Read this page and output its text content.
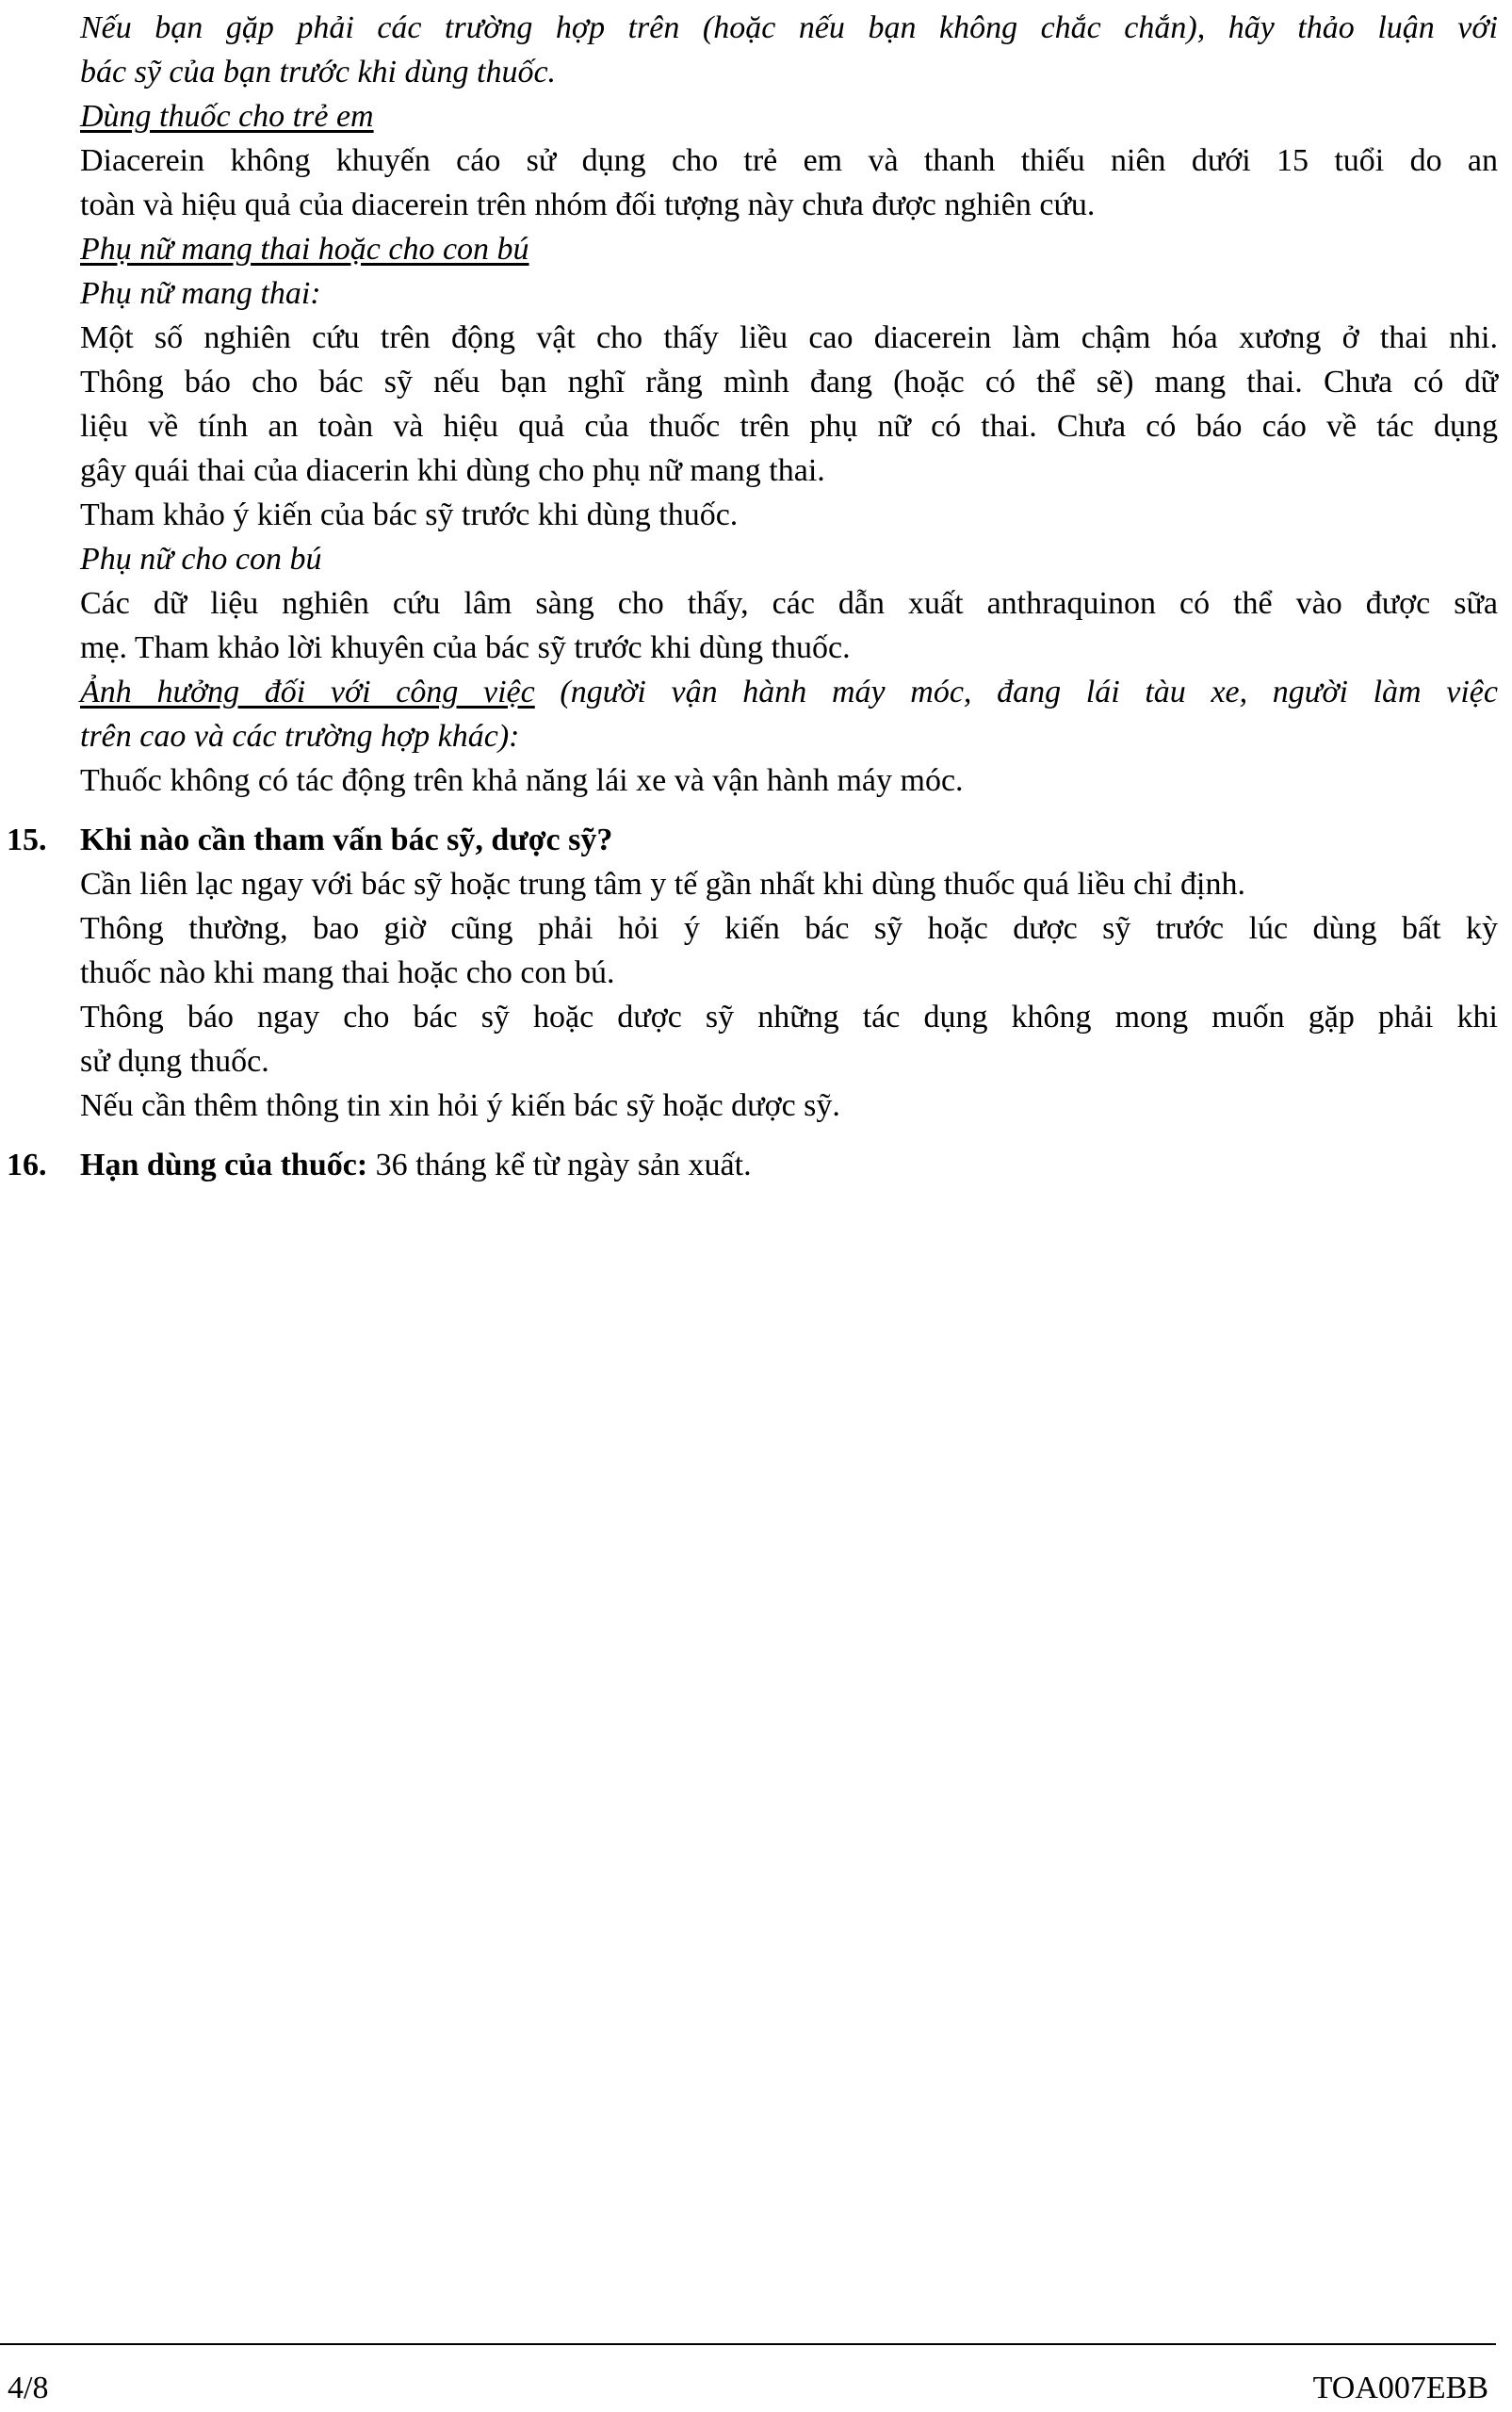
Nếu bạn gặp phải các trường hợp trên (hoặc nếu bạn không chắc chắn), hãy thảo luận với
bác sỹ của bạn trước khi dùng thuốc.
Dùng thuốc cho trẻ em
Diacerein không khuyến cáo sử dụng cho trẻ em và thanh thiếu niên dưới 15 tuổi do an
toàn và hiệu quả của diacerein trên nhóm đối tượng này chưa được nghiên cứu.
Phụ nữ mang thai hoặc cho con bú
Phụ nữ mang thai:
Một số nghiên cứu trên động vật cho thấy liều cao diacerein làm chậm hóa xương ở thai nhi.
Thông báo cho bác sỹ nếu bạn nghĩ rằng mình đang (hoặc có thể sẽ) mang thai. Chưa có dữ
liệu về tính an toàn và hiệu quả của thuốc trên phụ nữ có thai. Chưa có báo cáo về tác dụng
gây quái thai của diacerin khi dùng cho phụ nữ mang thai.
Tham khảo ý kiến của bác sỹ trước khi dùng thuốc.
Phụ nữ cho con bú
Các dữ liệu nghiên cứu lâm sàng cho thấy, các dẫn xuất anthraquinon có thể vào được sữa
mẹ. Tham khảo lời khuyên của bác sỹ trước khi dùng thuốc.
Ảnh hưởng đối với công việc (người vận hành máy móc, đang lái tàu xe, người làm việc
trên cao và các trường hợp khác):
Thuốc không có tác động trên khả năng lái xe và vận hành máy móc.
15. Khi nào cần tham vấn bác sỹ, dược sỹ?
Cần liên lạc ngay với bác sỹ hoặc trung tâm y tế gần nhất khi dùng thuốc quá liều chỉ định.
Thông thường, bao giờ cũng phải hỏi ý kiến bác sỹ hoặc dược sỹ trước lúc dùng bất kỳ
thuốc nào khi mang thai hoặc cho con bú.
Thông báo ngay cho bác sỹ hoặc dược sỹ những tác dụng không mong muốn gặp phải khi
sử dụng thuốc.
Nếu cần thêm thông tin xin hỏi ý kiến bác sỹ hoặc dược sỹ.
16. Hạn dùng của thuốc: 36 tháng kể từ ngày sản xuất.
4/8	TOA007EBB
